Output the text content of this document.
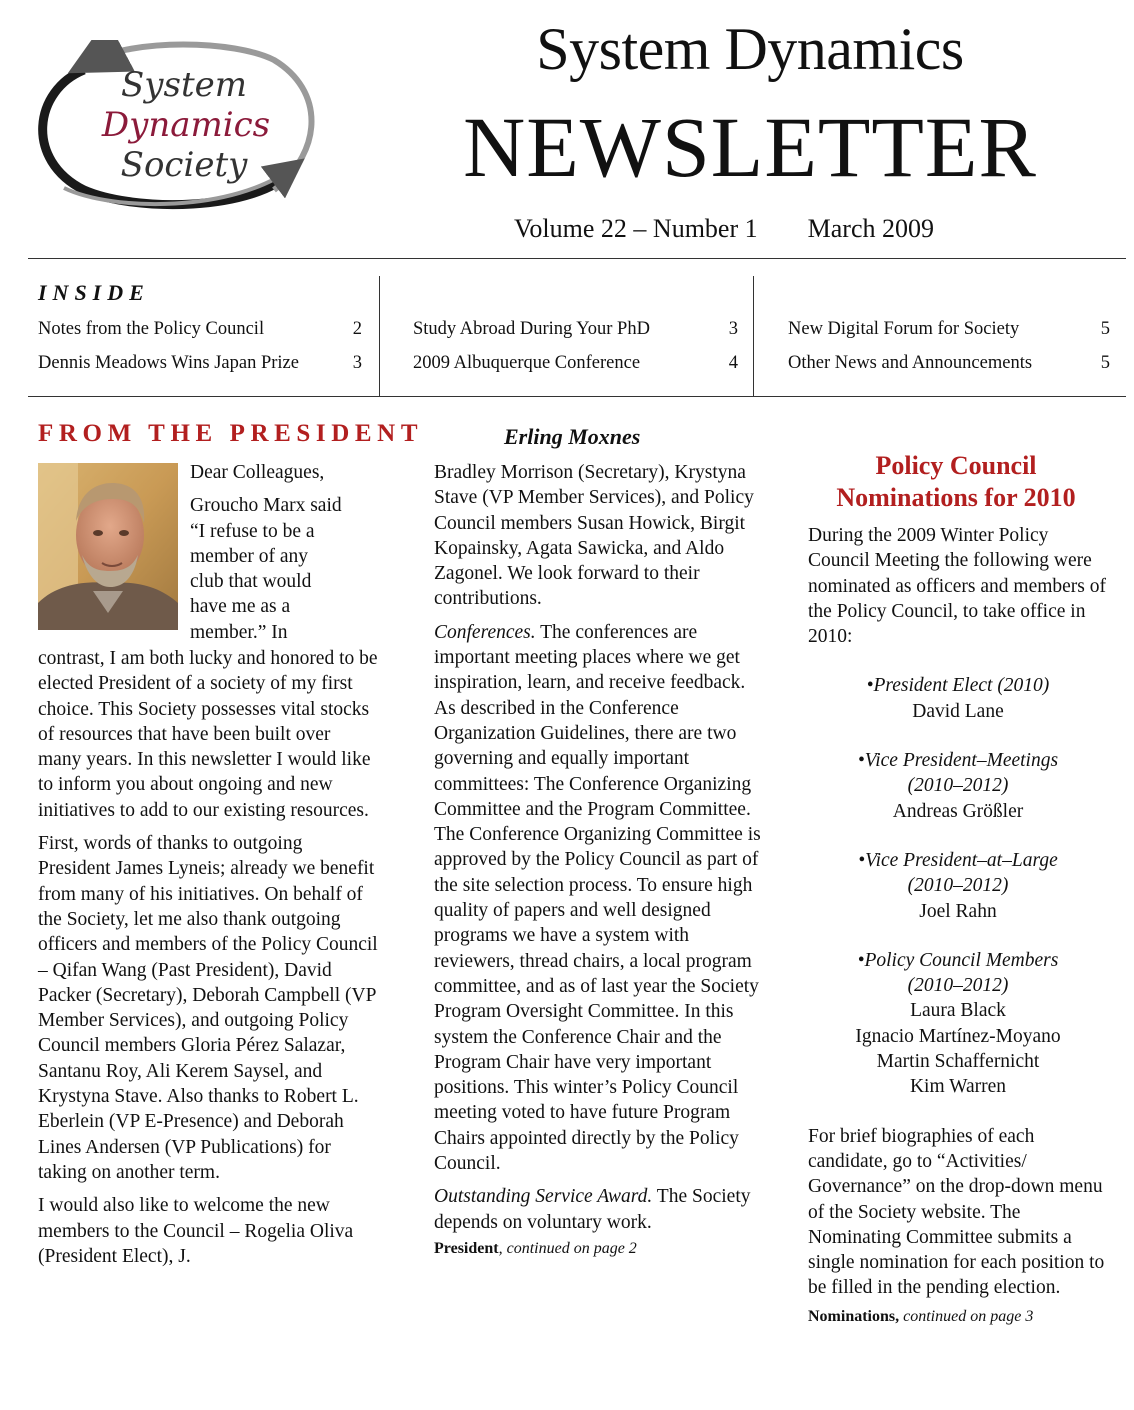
System
Dynamics
Society
System Dynamics
NEWSLETTER
Volume 22 – Number 1 March 2009
INSIDE
Notes from the Policy Council	2
Dennis Meadows Wins Japan Prize	3
Study Abroad During Your PhD	3
2009 Albuquerque Conference	4
New Digital Forum for Society	5
Other News and Announcements	5
FROM THE PRESIDENT	Erling Moxnes

Dear Colleagues,

Groucho Marx said
“I refuse to be a
member of any
club that would
have me as a
member.” In

contrast, I am both lucky and honored to be elected President of a society of my first choice. This Society possesses vital stocks of resources that have been built over many years. In this newsletter I would like to inform you about ongoing and new initiatives to add to our existing resources.

First, words of thanks to outgoing President James Lyneis; already we benefit from many of his initiatives. On behalf of the Society, let me also thank outgoing officers and members of the Policy Council – Qifan Wang (Past President), David Packer (Secretary), Deborah Campbell (VP Member Services), and outgoing Policy Council members Gloria Pérez Salazar, Santanu Roy, Ali Kerem Saysel, and Krystyna Stave. Also thanks to Robert L. Eberlein (VP E-Presence) and Deborah Lines Andersen (VP Publications) for taking on another term.

I would also like to welcome the new members to the Council – Rogelia Oliva (President Elect), J.

Bradley Morrison (Secretary), Krystyna Stave (VP Member Services), and Policy Council members Susan Howick, Birgit Kopainsky, Agata Sawicka, and Aldo Zagonel. We look forward to their contributions.

Conferences. The conferences are important meeting places where we get inspiration, learn, and receive feedback. As described in the Conference Organization Guidelines, there are two governing and equally important committees: The Conference Organizing Committee and the Program Committee. The Conference Organizing Committee is approved by the Policy Council as part of the site selection process. To ensure high quality of papers and well designed programs we have a system with reviewers, thread chairs, a local program committee, and as of last year the Society Program Oversight Committee. In this system the Conference Chair and the Program Chair have very important positions. This winter’s Policy Council meeting voted to have future Program Chairs appointed directly by the Policy Council.

Outstanding Service Award. The Society depends on voluntary work.

President, continued on page 2
Policy Council
Nominations for 2010

During the 2009 Winter Policy Council Meeting the following were nominated as officers and members of the Policy Council, to take office in 2010:

•President Elect (2010)
David Lane
•Vice President–Meetings (2010–2012)
Andreas Größler
•Vice President–at–Large (2010–2012)
Joel Rahn
•Policy Council Members (2010–2012)
Laura Black
Ignacio Martínez-Moyano
Martin Schaffernicht
Kim Warren

For brief biographies of each candidate, go to “Activities/ Governance” on the drop-down menu of the Society website. The Nominating Committee submits a single nomination for each position to be filled in the pending election.

Nominations, continued on page 3
